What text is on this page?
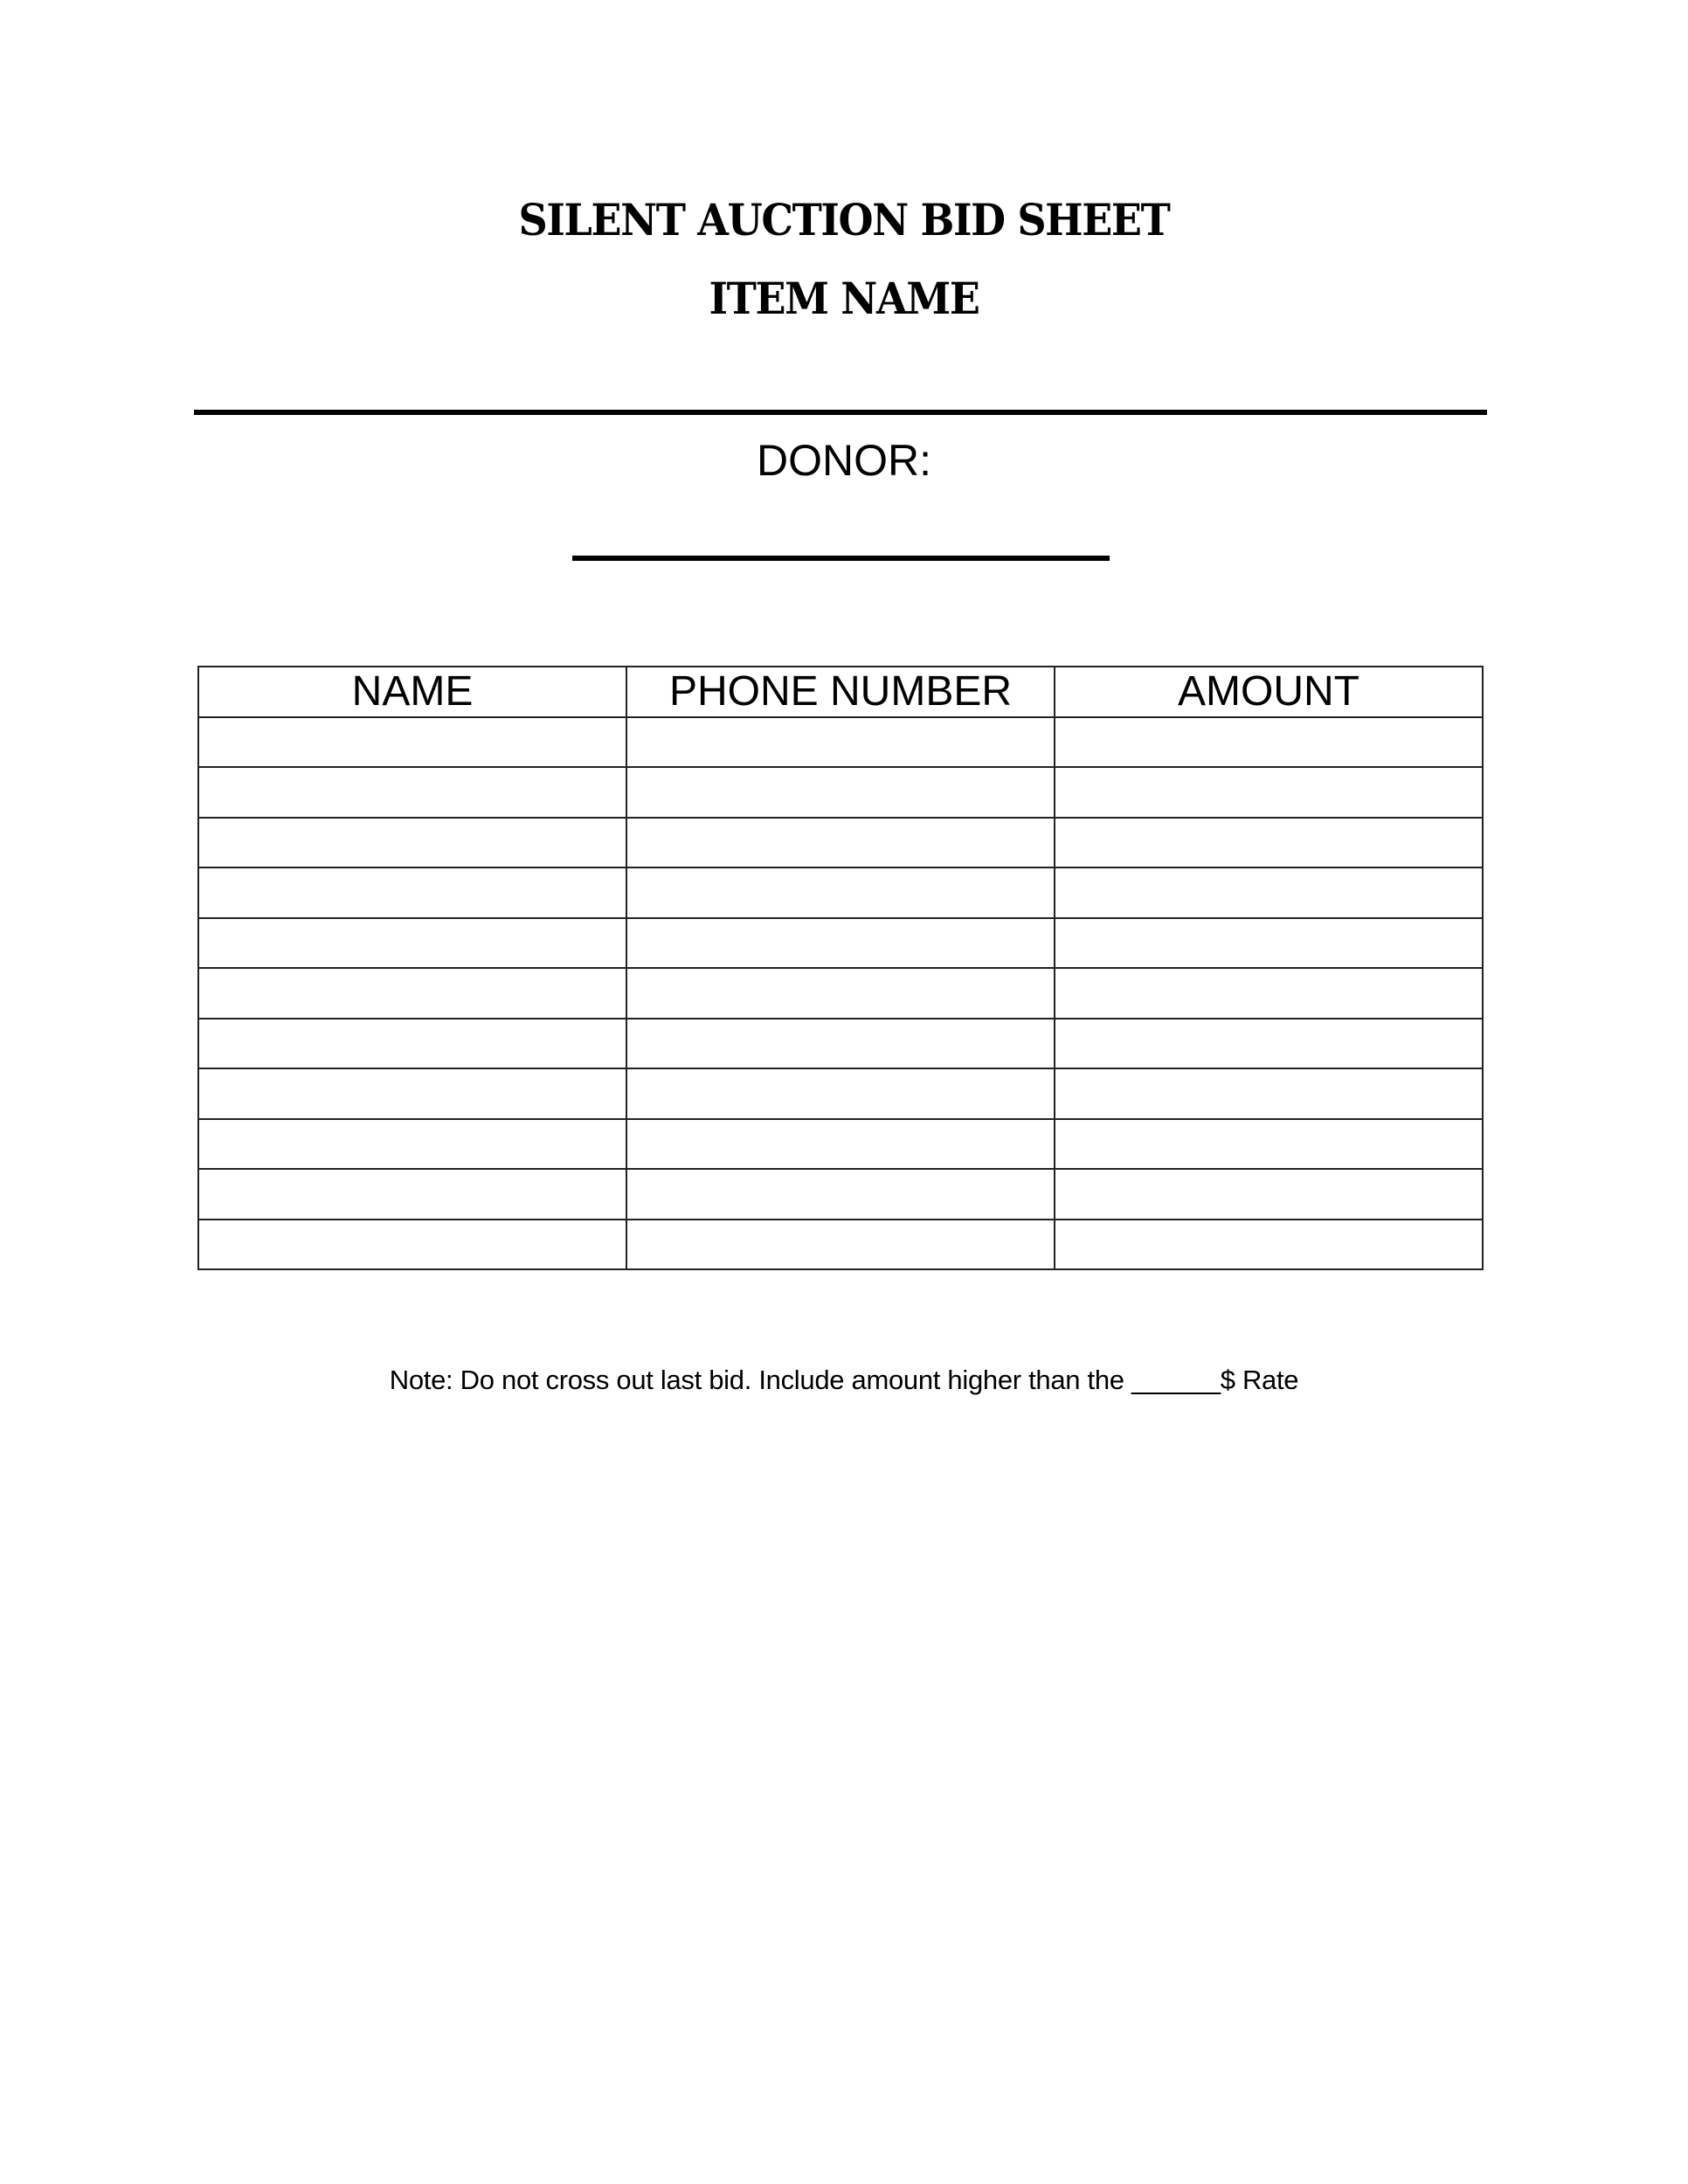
SILENT AUCTION BID SHEET
ITEM NAME
DONOR:
NAME	PHONE NUMBER	AMOUNT

Note: Do not cross out last bid. Include amount higher than the ______$ Rate
